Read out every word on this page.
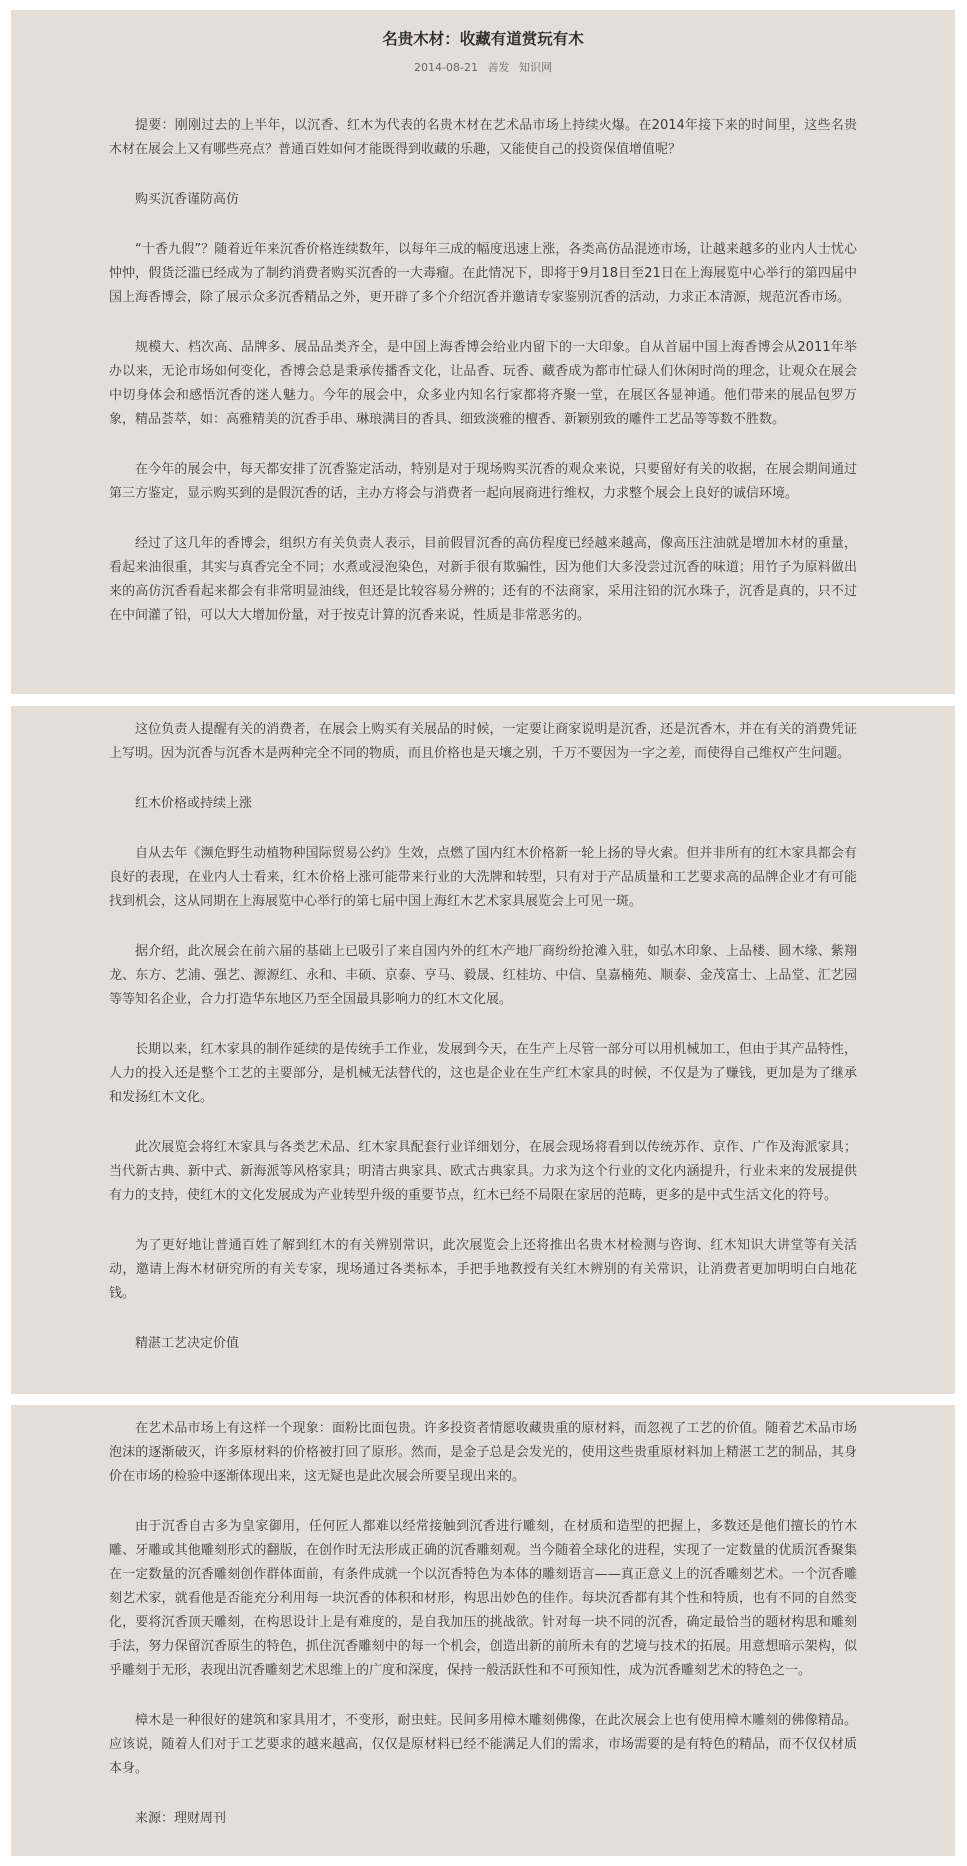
名贵木材：收藏有道赏玩有木
2014-08-21 善发 知识网

提要：刚刚过去的上半年，以沉香、红木为代表的名贵木材在艺术品市场上持续火爆。在2014年接下来的时间里，这些名贵木材在展会上又有哪些亮点？普通百姓如何才能既得到收藏的乐趣，又能使自己的投资保值增值呢？

购买沉香谨防高仿

“十香九假”？随着近年来沉香价格连续数年，以每年三成的幅度迅速上涨，各类高仿品混迹市场，让越来越多的业内人士忧心忡忡，假货泛滥已经成为了制约消费者购买沉香的一大毒瘤。在此情况下，即将于9月18日至21日在上海展览中心举行的第四届中国上海香博会，除了展示众多沉香精品之外，更开辟了多个介绍沉香并邀请专家鉴别沉香的活动，力求正本清源，规范沉香市场。

规模大、档次高、品牌多、展品品类齐全，是中国上海香博会给业内留下的一大印象。自从首届中国上海香博会从2011年举办以来，无论市场如何变化，香博会总是秉承传播香文化，让品香、玩香、藏香成为都市忙碌人们休闲时尚的理念，让观众在展会中切身体会和感悟沉香的迷人魅力。今年的展会中，众多业内知名行家都将齐聚一堂，在展区各显神通。他们带来的展品包罗万象，精品荟萃，如：高雅精美的沉香手串、琳琅满目的香具、细致淡雅的檀香、新颖别致的雕件工艺品等等数不胜数。

在今年的展会中，每天都安排了沉香鉴定活动，特别是对于现场购买沉香的观众来说，只要留好有关的收据，在展会期间通过第三方鉴定，显示购买到的是假沉香的话，主办方将会与消费者一起向展商进行维权，力求整个展会上良好的诚信环境。

经过了这几年的香博会，组织方有关负责人表示，目前假冒沉香的高仿程度已经越来越高，像高压注油就是增加木材的重量，看起来油很重，其实与真香完全不同；水煮或浸泡染色，对新手很有欺骗性，因为他们大多没尝过沉香的味道；用竹子为原料做出来的高仿沉香看起来都会有非常明显油线，但还是比较容易分辨的；还有的不法商家，采用注铅的沉水珠子，沉香是真的，只不过在中间灌了铅，可以大大增加份量，对于按克计算的沉香来说，性质是非常恶劣的。

这位负责人提醒有关的消费者，在展会上购买有关展品的时候，一定要让商家说明是沉香，还是沉香木，并在有关的消费凭证上写明。因为沉香与沉香木是两种完全不同的物质，而且价格也是天壤之别，千万不要因为一字之差，而使得自己维权产生问题。

红木价格或持续上涨

自从去年《濒危野生动植物种国际贸易公约》生效，点燃了国内红木价格新一轮上扬的导火索。但并非所有的红木家具都会有良好的表现，在业内人士看来，红木价格上涨可能带来行业的大洗牌和转型，只有对于产品质量和工艺要求高的品牌企业才有可能找到机会，这从同期在上海展览中心举行的第七届中国上海红木艺术家具展览会上可见一斑。

据介绍，此次展会在前六届的基础上已吸引了来自国内外的红木产地厂商纷纷抢滩入驻，如弘木印象、上品楼、圆木缘、紫翔龙、东方、艺浦、强艺、源源红、永和、丰硕、京泰、亨马、毅晟、红桂坊、中信、皇嘉楠苑、顺泰、金茂富士、上品堂、汇艺园等等知名企业，合力打造华东地区乃至全国最具影响力的红木文化展。

长期以来，红木家具的制作延续的是传统手工作业，发展到今天，在生产上尽管一部分可以用机械加工，但由于其产品特性，人力的投入还是整个工艺的主要部分，是机械无法替代的，这也是企业在生产红木家具的时候，不仅是为了赚钱，更加是为了继承和发扬红木文化。

此次展览会将红木家具与各类艺术品、红木家具配套行业详细划分，在展会现场将看到以传统苏作、京作、广作及海派家具；当代新古典、新中式、新海派等风格家具；明清古典家具、欧式古典家具。力求为这个行业的文化内涵提升，行业未来的发展提供有力的支持，使红木的文化发展成为产业转型升级的重要节点，红木已经不局限在家居的范畴，更多的是中式生活文化的符号。

为了更好地让普通百姓了解到红木的有关辨别常识，此次展览会上还将推出名贵木材检测与咨询、红木知识大讲堂等有关活动，邀请上海木材研究所的有关专家，现场通过各类标本，手把手地教授有关红木辨别的有关常识，让消费者更加明明白白地花钱。

精湛工艺决定价值

在艺术品市场上有这样一个现象：面粉比面包贵。许多投资者情愿收藏贵重的原材料，而忽视了工艺的价值。随着艺术品市场泡沫的逐渐破灭，许多原材料的价格被打回了原形。然而，是金子总是会发光的，使用这些贵重原材料加上精湛工艺的制品，其身价在市场的检验中逐渐体现出来，这无疑也是此次展会所要呈现出来的。

由于沉香自古多为皇家御用，任何匠人都难以经常接触到沉香进行雕刻，在材质和造型的把握上，多数还是他们擅长的竹木雕、牙雕或其他雕刻形式的翻版，在创作时无法形成正确的沉香雕刻观。当今随着全球化的进程，实现了一定数量的优质沉香聚集在一定数量的沉香雕刻创作群体面前，有条件成就一个以沉香特色为本体的雕刻语言——真正意义上的沉香雕刻艺术。一个沉香雕刻艺术家，就看他是否能充分利用每一块沉香的体积和材形，构思出妙色的佳作。每块沉香都有其个性和特质，也有不同的自然变化，要将沉香顶天雕刻，在构思设计上是有难度的，是自我加压的挑战欲。针对每一块不同的沉香，确定最恰当的题材构思和雕刻手法，努力保留沉香原生的特色，抓住沉香雕刻中的每一个机会，创造出新的前所未有的艺境与技术的拓展。用意想暗示架构，似乎雕刻于无形，表现出沉香雕刻艺术思维上的广度和深度，保持一般活跃性和不可预知性，成为沉香雕刻艺术的特色之一。

樟木是一种很好的建筑和家具用才，不变形，耐虫蛀。民间多用樟木雕刻佛像，在此次展会上也有使用樟木雕刻的佛像精品。应该说，随着人们对于工艺要求的越来越高，仅仅是原材料已经不能满足人们的需求，市场需要的是有特色的精品，而不仅仅材质本身。

来源：理财周刊
